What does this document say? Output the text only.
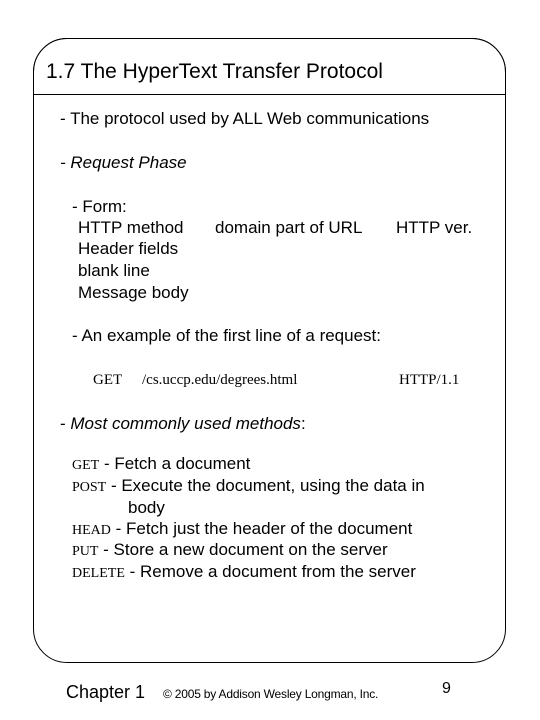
1.7 The HyperText Transfer Protocol
- The protocol used by ALL Web communications
- Request Phase
- Form:
HTTP method domain part of URL HTTP ver.
Header fields
blank line
Message body
- An example of the first line of a request:
GET /cs.uccp.edu/degrees.html	HTTP/1.1
- Most commonly used methods:
GET - Fetch a document
POST - Execute the document, using the data in
body
HEAD - Fetch just the header of the document
PUT - Store a new document on the server
DELETE - Remove a document from the server
Chapter 1 © 2005 by Addison Wesley Longman, Inc.	9
